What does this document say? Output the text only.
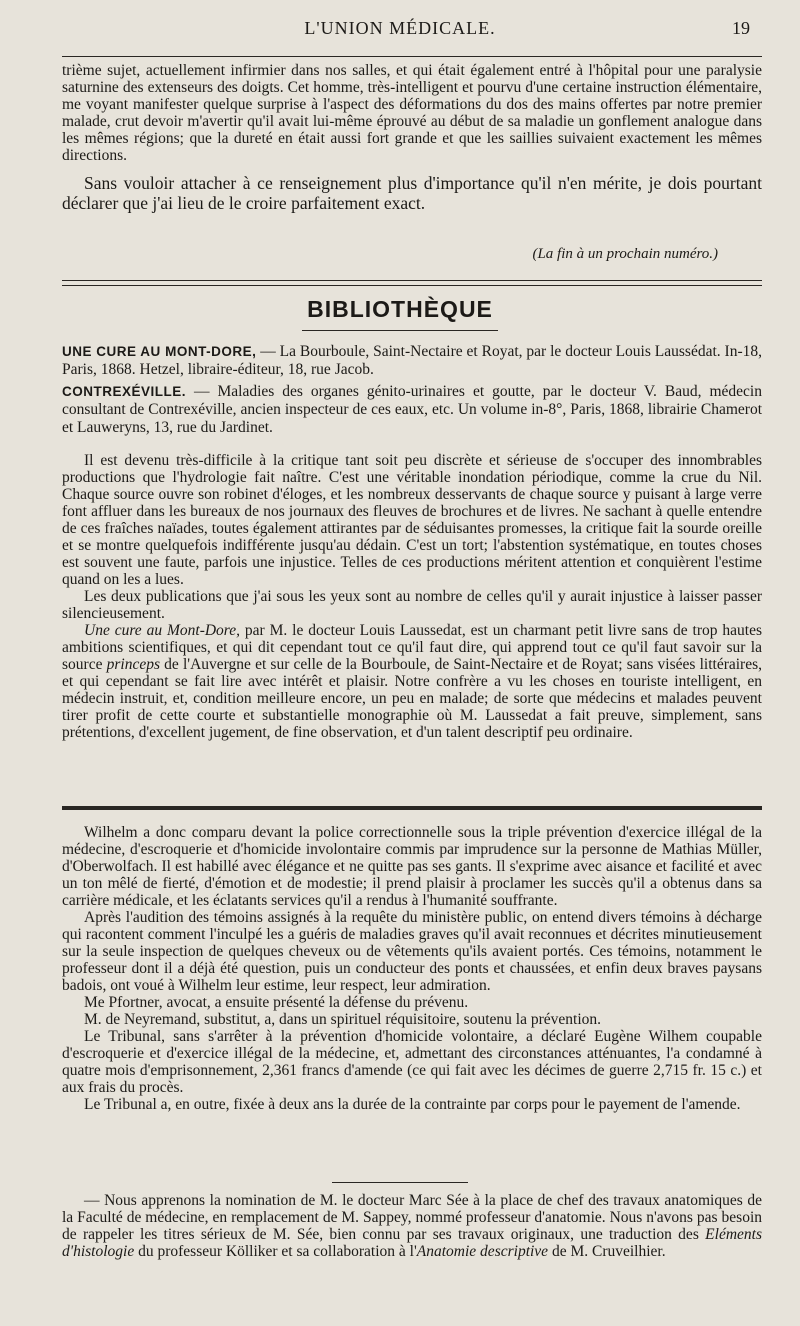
L'UNION MÉDICALE.	19

trième sujet, actuellement infirmier dans nos salles, et qui était également entré à l'hôpital pour une paralysie saturnine des extenseurs des doigts. Cet homme, très-intelligent et pourvu d'une certaine instruction élémentaire, me voyant manifester quelque surprise à l'aspect des déformations du dos des mains offertes par notre premier malade, crut devoir m'avertir qu'il avait lui-même éprouvé au début de sa maladie un gonflement analogue dans les mêmes régions; que la dureté en était aussi fort grande et que les saillies suivaient exactement les mêmes directions.

Sans vouloir attacher à ce renseignement plus d'importance qu'il n'en mérite, je dois pourtant déclarer que j'ai lieu de le croire parfaitement exact.

(La fin à un prochain numéro.)
BIBLIOTHÈQUE

UNE CURE AU MONT-DORE, — La Bourboule, Saint-Nectaire et Royat, par le docteur Louis Laussédat. In-18, Paris, 1868. Hetzel, libraire-éditeur, 18, rue Jacob.

CONTREXÉVILLE. — Maladies des organes génito-urinaires et goutte, par le docteur V. Baud, médecin consultant de Contrexéville, ancien inspecteur de ces eaux, etc. Un volume in-8°, Paris, 1868, librairie Chamerot et Lauweryns, 13, rue du Jardinet.

Il est devenu très-difficile à la critique tant soit peu discrète et sérieuse de s'occuper des innombrables productions que l'hydrologie fait naître. C'est une véritable inondation périodique, comme la crue du Nil. Chaque source ouvre son robinet d'éloges, et les nombreux desservants de chaque source y puisant à large verre font affluer dans les bureaux de nos journaux des fleuves de brochures et de livres. Ne sachant à quelle entendre de ces fraîches naïades, toutes également attirantes par de séduisantes promesses, la critique fait la sourde oreille et se montre quelquefois indifférente jusqu'au dédain. C'est un tort; l'abstention systématique, en toutes choses est souvent une faute, parfois une injustice. Telles de ces productions méritent attention et conquièrent l'estime quand on les a lues.

Les deux publications que j'ai sous les yeux sont au nombre de celles qu'il y aurait injustice à laisser passer silencieusement.

Une cure au Mont-Dore, par M. le docteur Louis Laussedat, est un charmant petit livre sans de trop hautes ambitions scientifiques, et qui dit cependant tout ce qu'il faut dire, qui apprend tout ce qu'il faut savoir sur la source princeps de l'Auvergne et sur celle de la Bourboule, de Saint-Nectaire et de Royat; sans visées littéraires, et qui cependant se fait lire avec intérêt et plaisir. Notre confrère a vu les choses en touriste intelligent, en médecin instruit, et, condition meilleure encore, un peu en malade; de sorte que médecins et malades peuvent tirer profit de cette courte et substantielle monographie où M. Laussedat a fait preuve, simplement, sans prétentions, d'excellent jugement, de fine observation, et d'un talent descriptif peu ordinaire.

Wilhelm a donc comparu devant la police correctionnelle sous la triple prévention d'exercice illégal de la médecine, d'escroquerie et d'homicide involontaire commis par imprudence sur la personne de Mathias Müller, d'Oberwolfach. Il est habillé avec élégance et ne quitte pas ses gants. Il s'exprime avec aisance et facilité et avec un ton mêlé de fierté, d'émotion et de modestie; il prend plaisir à proclamer les succès qu'il a obtenus dans sa carrière médicale, et les éclatants services qu'il a rendus à l'humanité souffrante.

Après l'audition des témoins assignés à la requête du ministère public, on entend divers témoins à décharge qui racontent comment l'inculpé les a guéris de maladies graves qu'il avait reconnues et décrites minutieusement sur la seule inspection de quelques cheveux ou de vêtements qu'ils avaient portés. Ces témoins, notamment le professeur dont il a déjà été question, puis un conducteur des ponts et chaussées, et enfin deux braves paysans badois, ont voué à Wilhelm leur estime, leur respect, leur admiration.

Me Pfortner, avocat, a ensuite présenté la défense du prévenu.

M. de Neyremand, substitut, a, dans un spirituel réquisitoire, soutenu la prévention.

Le Tribunal, sans s'arrêter à la prévention d'homicide volontaire, a déclaré Eugène Wilhem coupable d'escroquerie et d'exercice illégal de la médecine, et, admettant des circonstances atténuantes, l'a condamné à quatre mois d'emprisonnement, 2,361 francs d'amende (ce qui fait avec les décimes de guerre 2,715 fr. 15 c.) et aux frais du procès.

Le Tribunal a, en outre, fixée à deux ans la durée de la contrainte par corps pour le payement de l'amende.

— Nous apprenons la nomination de M. le docteur Marc Sée à la place de chef des travaux anatomiques de la Faculté de médecine, en remplacement de M. Sappey, nommé professeur d'anatomie. Nous n'avons pas besoin de rappeler les titres sérieux de M. Sée, bien connu par ses travaux originaux, une traduction des Eléments d'histologie du professeur Kölliker et sa collaboration à l'Anatomie descriptive de M. Cruveilhier.
